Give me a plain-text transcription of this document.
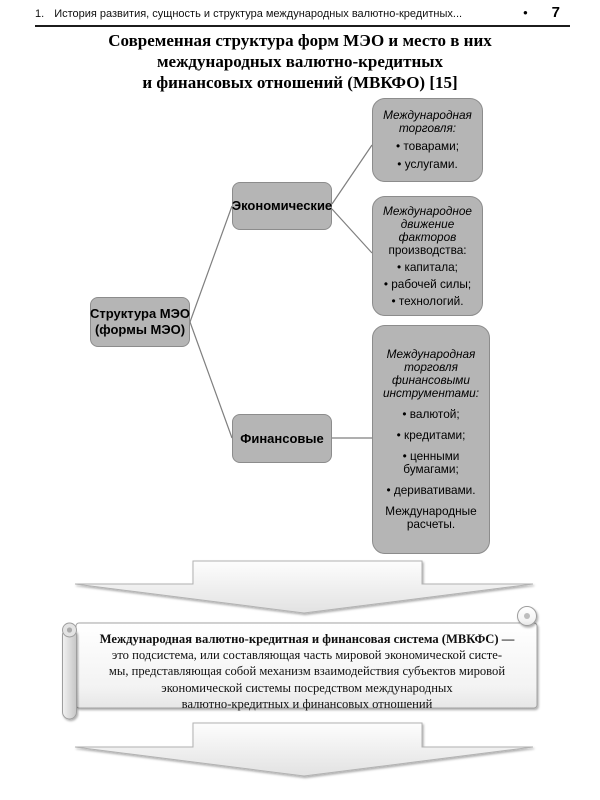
1. История развития, сущность и структура международных валютно-кредитных...	• 7
Современная структура форм МЭО и место в них
международных валютно-кредитных
и финансовых отношений (МВКФО) [15]
Структура МЭО
(формы МЭО)
Экономические
Финансовые
Международная торговля:
• товарами;
• услугами.
Международное движение факторов
производства:
• капитала;
• рабочей силы;
• технологий.
Международная торговля финансовыми инструментами:
• валютой;
• кредитами;
• ценными бумагами;
• деривативами.
Международные расчеты.
Международная валютно-кредитная и финансовая система (МВКФС) —
это подсистема, или составляющая часть мировой экономической систе-
мы, представляющая собой механизм взаимодействия субъектов мировой
экономической системы посредством международных
валютно-кредитных и финансовых отношений
